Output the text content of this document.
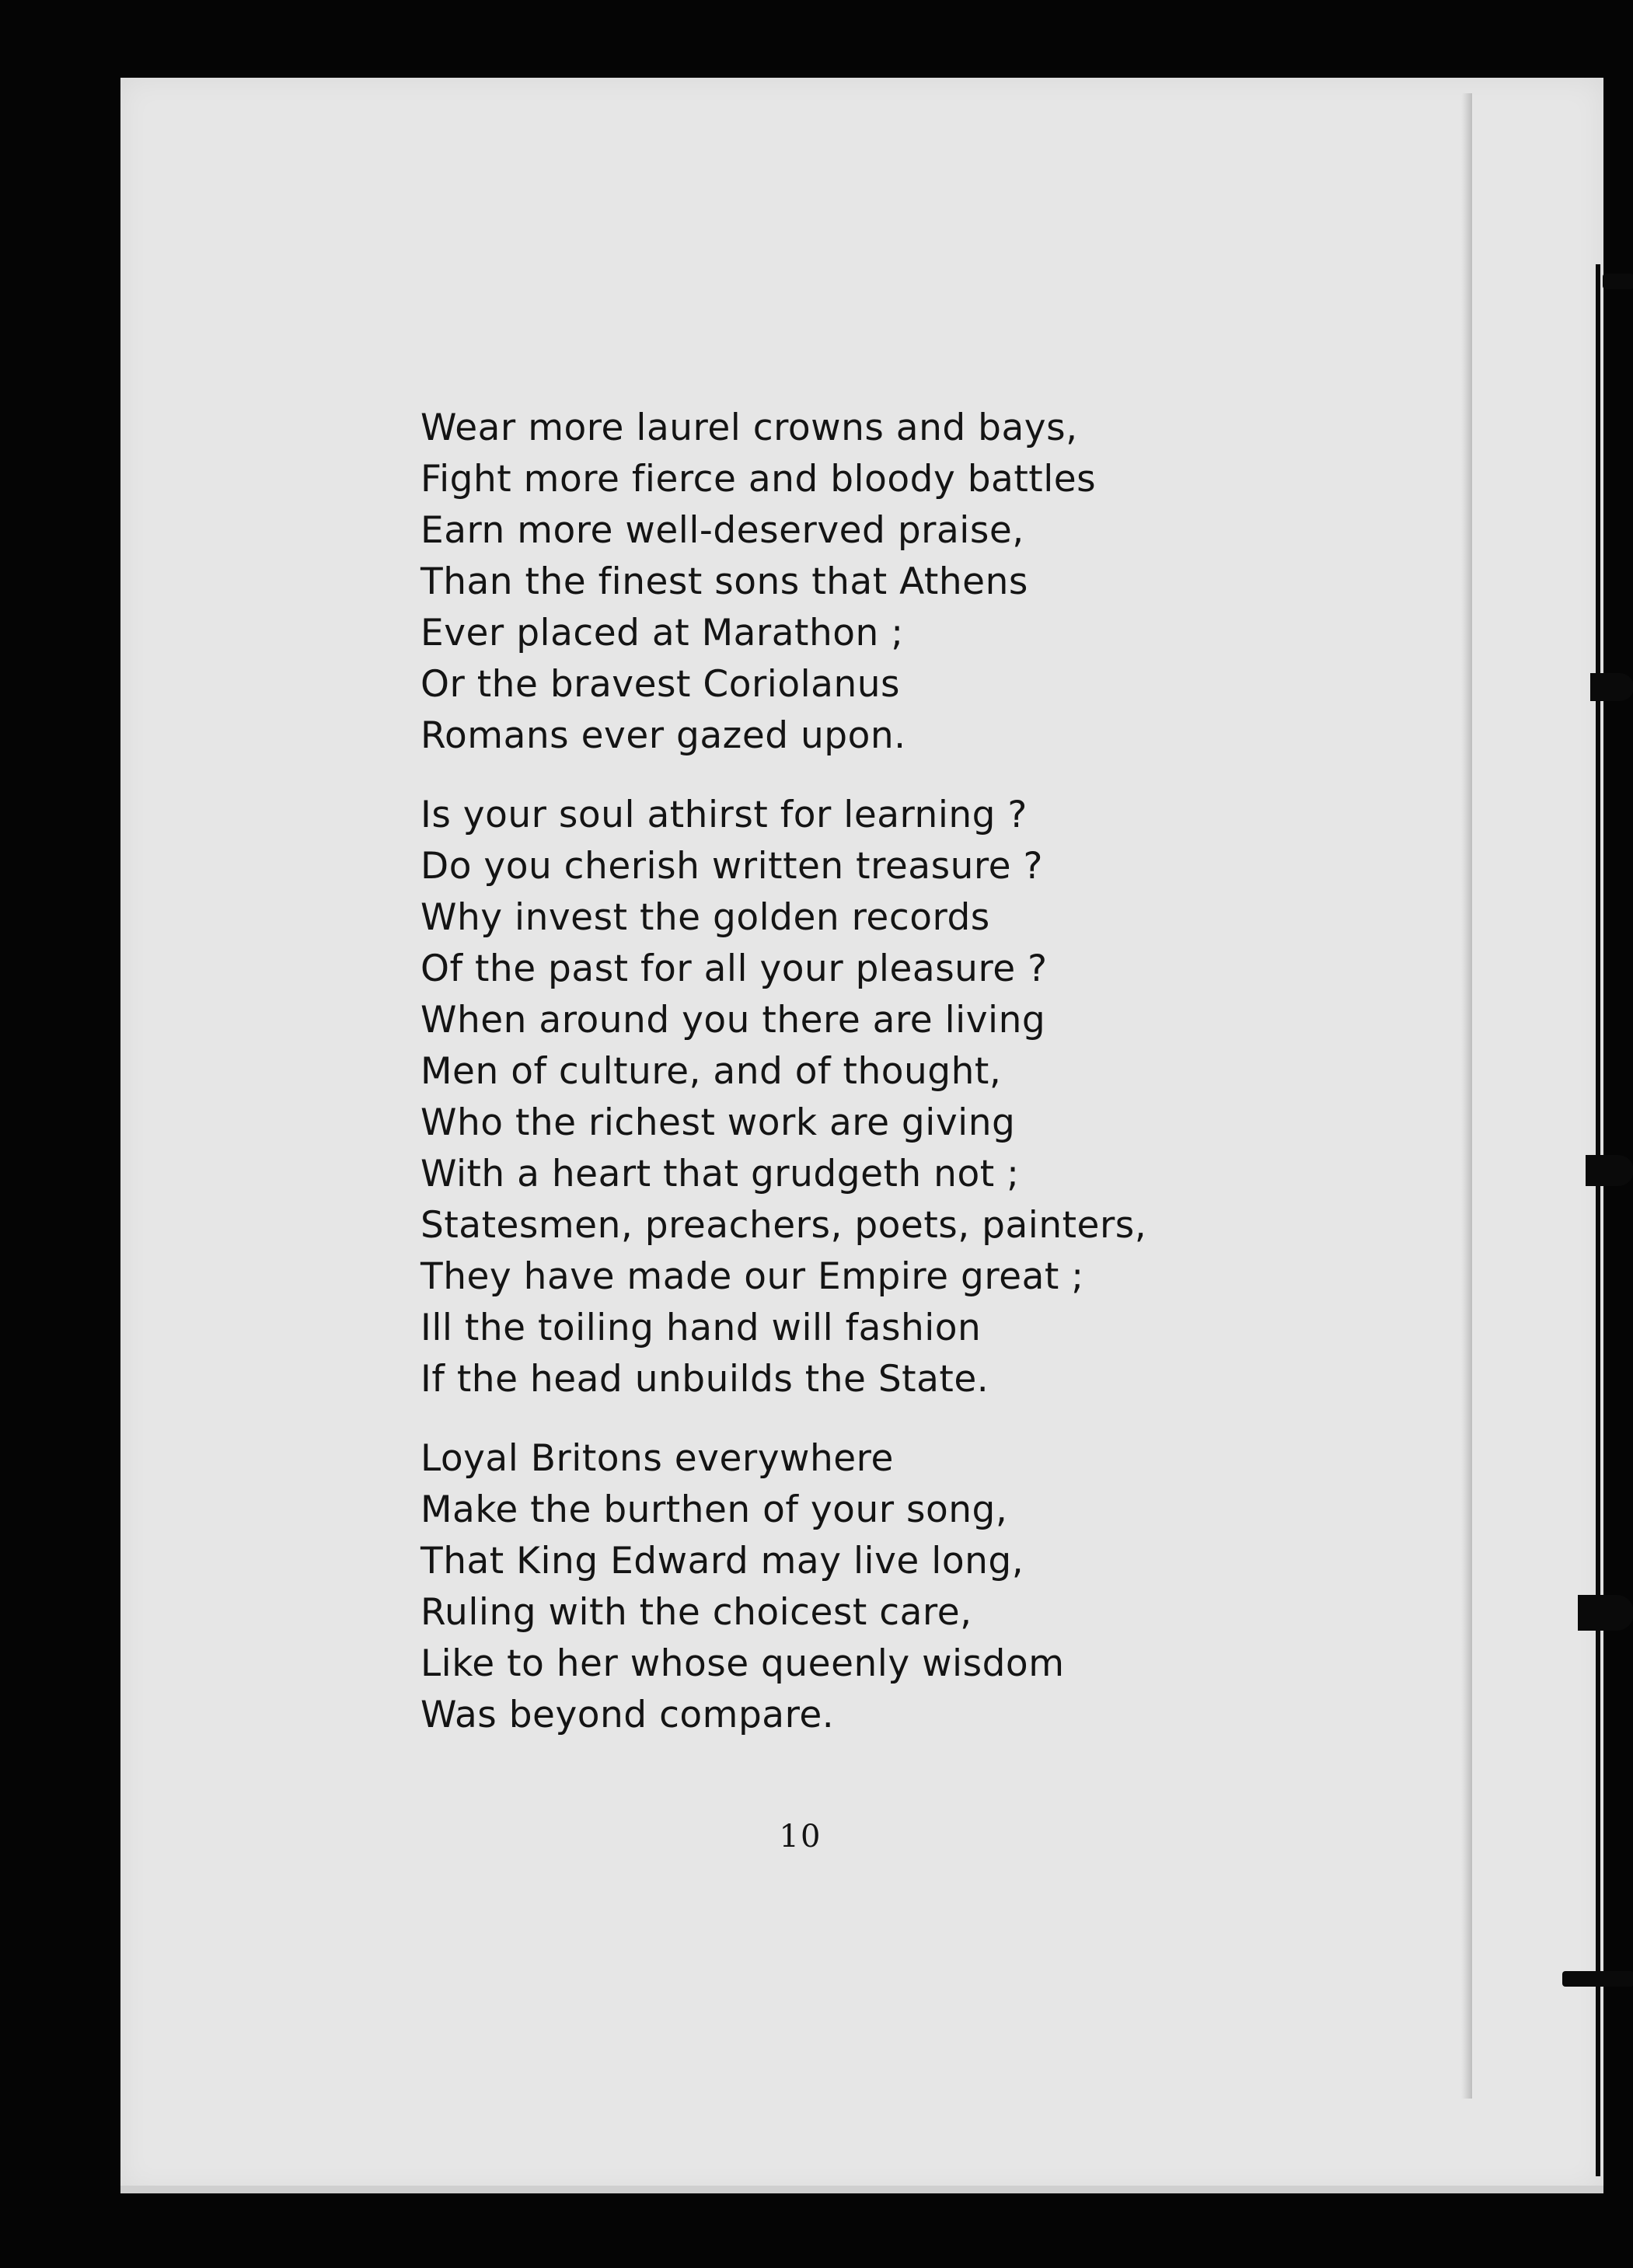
Wear more laurel crowns and bays,
Fight more fierce and bloody battles
Earn more well-deserved praise,
Than the finest sons that Athens
Ever placed at Marathon ;
Or the bravest Coriolanus
Romans ever gazed upon.
Is your soul athirst for learning ?
Do you cherish written treasure ?
Why invest the golden records
Of the past for all your pleasure ?
When around you there are living
Men of culture, and of thought,
Who the richest work are giving
With a heart that grudgeth not ;
Statesmen, preachers, poets, painters,
They have made our Empire great ;
Ill the toiling hand will fashion
If the head unbuilds the State.
Loyal Britons everywhere
Make the burthen of your song,
That King Edward may live long,
Ruling with the choicest care,
Like to her whose queenly wisdom
Was beyond compare.
10
